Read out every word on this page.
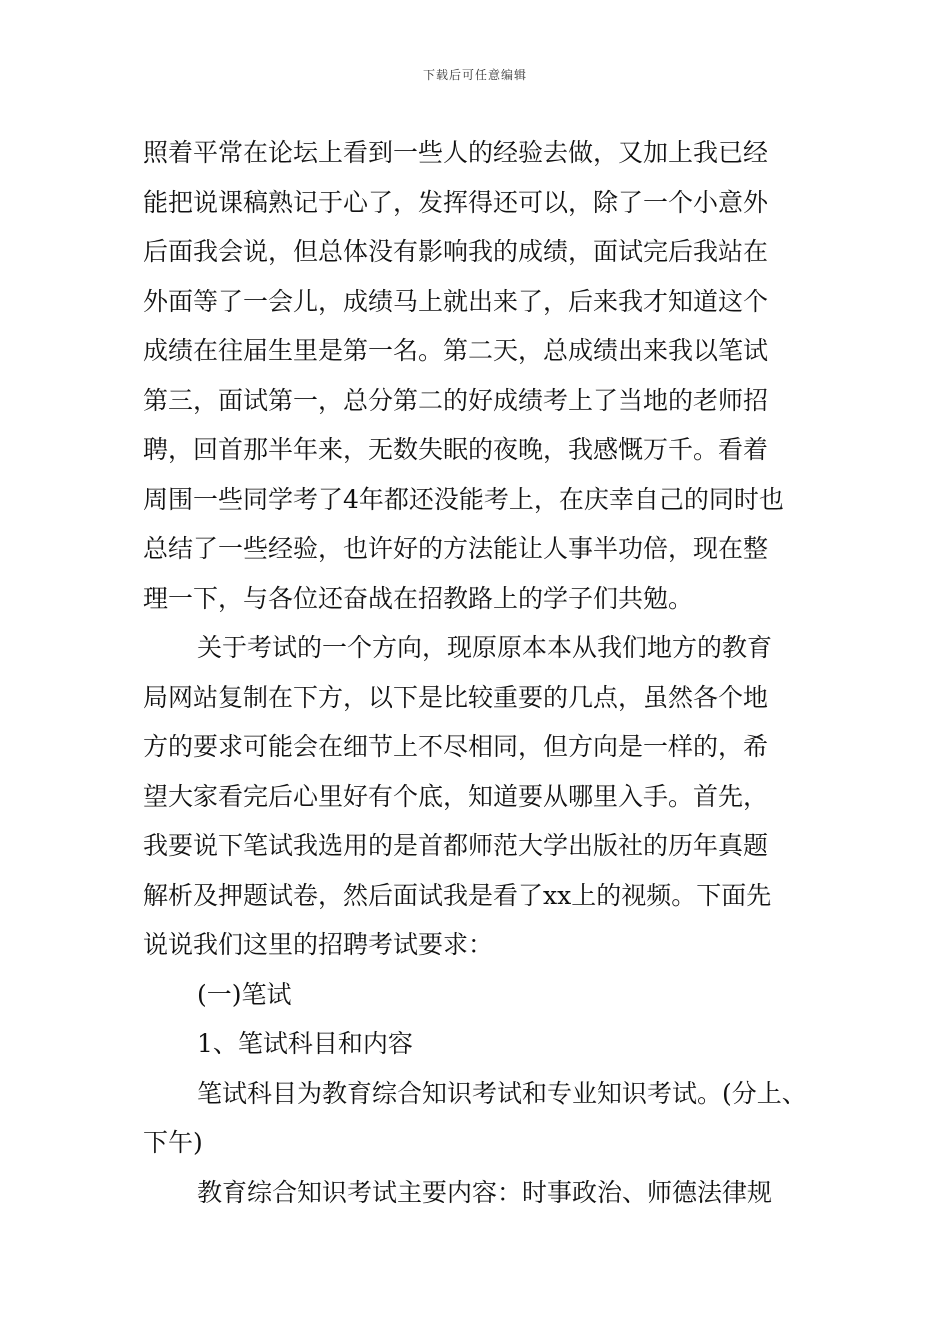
下载后可任意编辑
照着平常在论坛上看到一些人的经验去做，又加上我已经
能把说课稿熟记于心了，发挥得还可以，除了一个小意外
后面我会说，但总体没有影响我的成绩，面试完后我站在
外面等了一会儿，成绩马上就出来了，后来我才知道这个
成绩在往届生里是第一名。第二天，总成绩出来我以笔试
第三，面试第一，总分第二的好成绩考上了当地的老师招
聘，回首那半年来，无数失眠的夜晚，我感慨万千。看着
周围一些同学考了4年都还没能考上，在庆幸自己的同时也
总结了一些经验，也许好的方法能让人事半功倍，现在整
理一下，与各位还奋战在招教路上的学子们共勉。
关于考试的一个方向，现原原本本从我们地方的教育
局网站复制在下方，以下是比较重要的几点，虽然各个地
方的要求可能会在细节上不尽相同，但方向是一样的，希
望大家看完后心里好有个底，知道要从哪里入手。首先，
我要说下笔试我选用的是首都师范大学出版社的历年真题
解析及押题试卷，然后面试我是看了xx上的视频。下面先
说说我们这里的招聘考试要求：
(一)笔试
1、笔试科目和内容
笔试科目为教育综合知识考试和专业知识考试。(分上、
下午)
教育综合知识考试主要内容：时事政治、师德法律规
